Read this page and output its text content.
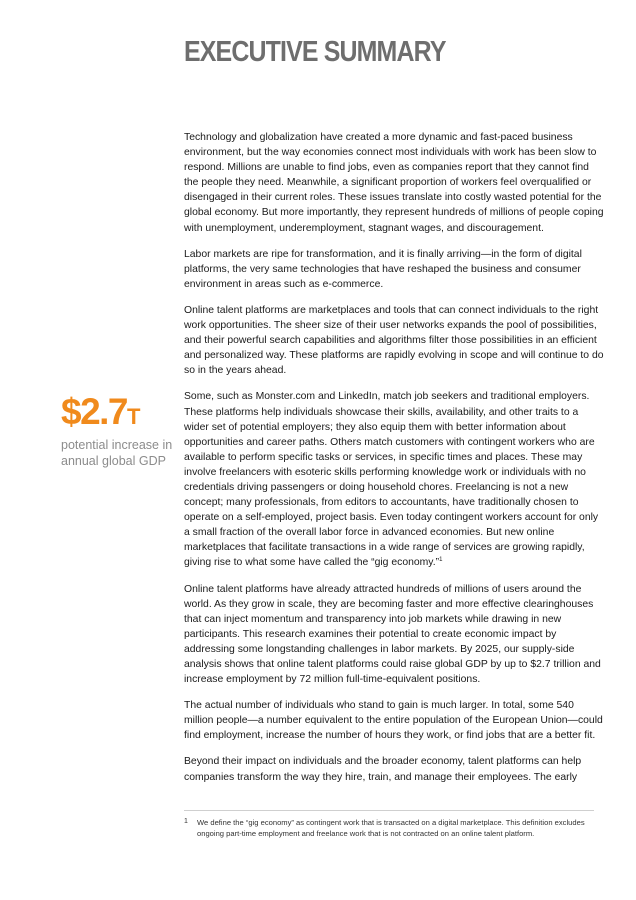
EXECUTIVE SUMMARY
$2.7T
potential increase in annual global GDP

Technology and globalization have created a more dynamic and fast-paced business environment, but the way economies connect most individuals with work has been slow to respond. Millions are unable to find jobs, even as companies report that they cannot find the people they need. Meanwhile, a significant proportion of workers feel overqualified or disengaged in their current roles. These issues translate into costly wasted potential for the global economy. But more importantly, they represent hundreds of millions of people coping with unemployment, underemployment, stagnant wages, and discouragement.

Labor markets are ripe for transformation, and it is finally arriving—in the form of digital platforms, the very same technologies that have reshaped the business and consumer environment in areas such as e-commerce.

Online talent platforms are marketplaces and tools that can connect individuals to the right work opportunities. The sheer size of their user networks expands the pool of possibilities, and their powerful search capabilities and algorithms filter those possibilities in an efficient and personalized way. These platforms are rapidly evolving in scope and will continue to do so in the years ahead.

Some, such as Monster.com and LinkedIn, match job seekers and traditional employers. These platforms help individuals showcase their skills, availability, and other traits to a wider set of potential employers; they also equip them with better information about opportunities and career paths. Others match customers with contingent workers who are available to perform specific tasks or services, in specific times and places. These may involve freelancers with esoteric skills performing knowledge work or individuals with no credentials driving passengers or doing household chores. Freelancing is not a new concept; many professionals, from editors to accountants, have traditionally chosen to operate on a self-employed, project basis. Even today contingent workers account for only a small fraction of the overall labor force in advanced economies. But new online marketplaces that facilitate transactions in a wide range of services are growing rapidly, giving rise to what some have called the “gig economy.”$^1$

Online talent platforms have already attracted hundreds of millions of users around the world. As they grow in scale, they are becoming faster and more effective clearinghouses that can inject momentum and transparency into job markets while drawing in new participants. This research examines their potential to create economic impact by addressing some longstanding challenges in labor markets. By 2025, our supply-side analysis shows that online talent platforms could raise global GDP by up to $2.7 trillion and increase employment by 72 million full-time-equivalent positions.

The actual number of individuals who stand to gain is much larger. In total, some 540 million people—a number equivalent to the entire population of the European Union—could find employment, increase the number of hours they work, or find jobs that are a better fit.

Beyond their impact on individuals and the broader economy, talent platforms can help companies transform the way they hire, train, and manage their employees. The early

1 We define the “gig economy” as contingent work that is transacted on a digital marketplace. This definition excludes ongoing part-time employment and freelance work that is not contracted on an online talent platform.
